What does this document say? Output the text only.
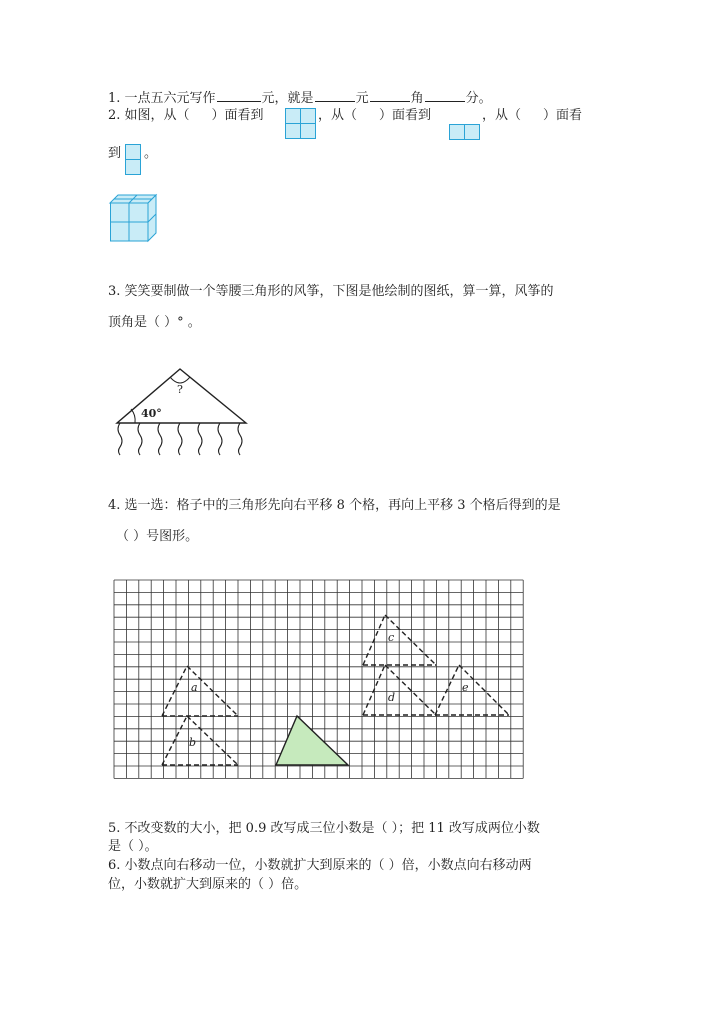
1. 一点五六元写作	元，就是	元	角	分。
2. 如图，从（ ）面看到	，从（ ）面看到	，从（ ）面看
到 。
3. 笑笑要制做一个等腰三角形的风筝，下图是他绘制的图纸，算一算，风筝的
顶角是（ ）° 。
?
40°
4. 选一选：格子中的三角形先向右平移 8 个格，再向上平移 3 个格后得到的是
（ ）号图形。
a
b
c
d
e
5. 不改变数的大小，把 0.9 改写成三位小数是（ ）；把 11 改写成两位小数
是（ ）。
6. 小数点向右移动一位，小数就扩大到原来的（ ）倍，小数点向右移动两
位，小数就扩大到原来的（ ）倍。
